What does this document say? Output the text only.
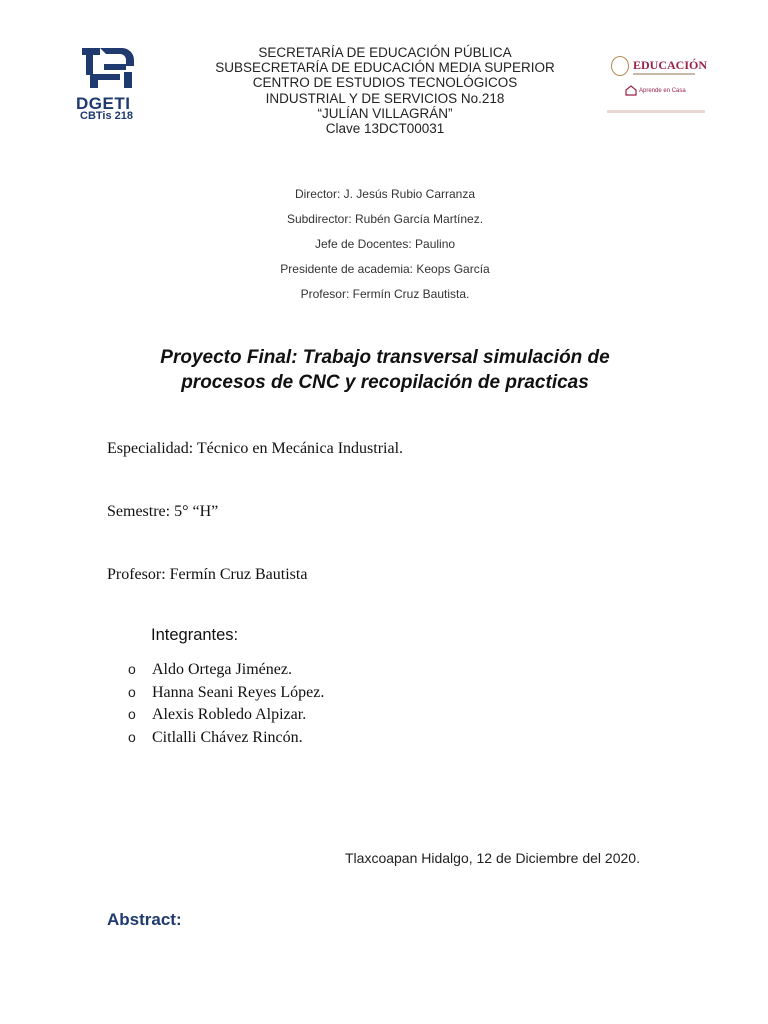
DGETI
CBTis 218
EDUCACIÓN
Aprende en Casa
SECRETARÍA DE EDUCACIÓN PÚBLICA
SUBSECRETARÍA DE EDUCACIÓN MEDIA SUPERIOR
CENTRO DE ESTUDIOS TECNOLÓGICOS
INDUSTRIAL Y DE SERVICIOS No.218
“JULÍAN VILLAGRÁN”
Clave 13DCT00031
Director: J. Jesús Rubio Carranza
Subdirector: Rubén García Martínez.
Jefe de Docentes: Paulino
Presidente de academia: Keops García
Profesor: Fermín Cruz Bautista.
Proyecto Final: Trabajo transversal simulación de
procesos de CNC y recopilación de practicas
Especialidad: Técnico en Mecánica Industrial.
Semestre: 5° “H”
Profesor: Fermín Cruz Bautista
Integrantes:
o Aldo Ortega Jiménez.
o Hanna Seani Reyes López.
o Alexis Robledo Alpizar.
o Citlalli Chávez Rincón.
Tlaxcoapan Hidalgo, 12 de Diciembre del 2020.
Abstract:
